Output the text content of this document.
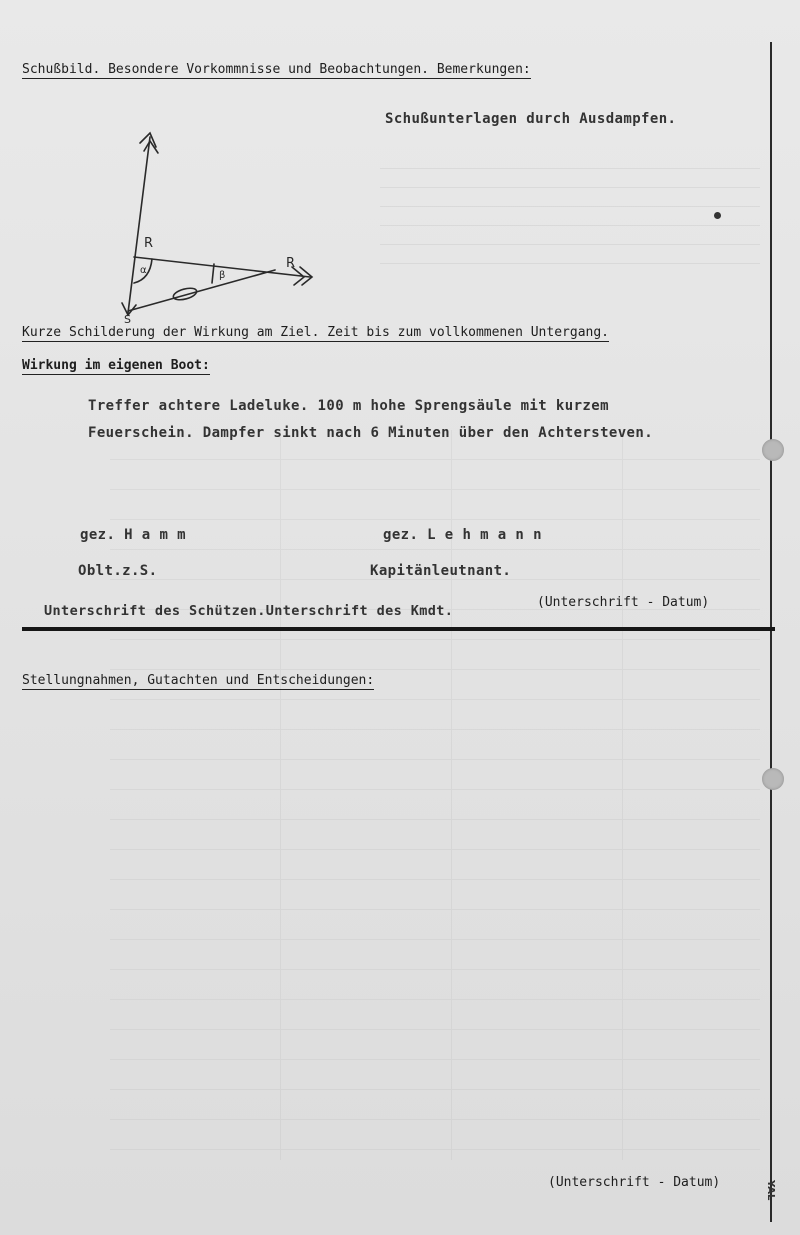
Schußbild. Besondere Vorkommnisse und Beobachtungen. Bemerkungen:
Schußunterlagen durch Ausdampfen.
R
α	β
R
S
Kurze Schilderung der Wirkung am Ziel. Zeit bis zum vollkommenen Untergang.
Wirkung im eigenen Boot:
Treffer achtere Ladeluke. 100 m hohe Sprengsäule mit kurzem
Feuerschein. Dampfer sinkt nach 6 Minuten über den Achtersteven.
gez. H a m m
Oblt.z.S.
gez. L e h m a n n
Kapitänleutnant.
Unterschrift des Schützen.Unterschrift des Kmdt.
(Unterschrift - Datum)
Stellungnahmen, Gutachten und Entscheidungen:
(Unterschrift - Datum)	YAL
